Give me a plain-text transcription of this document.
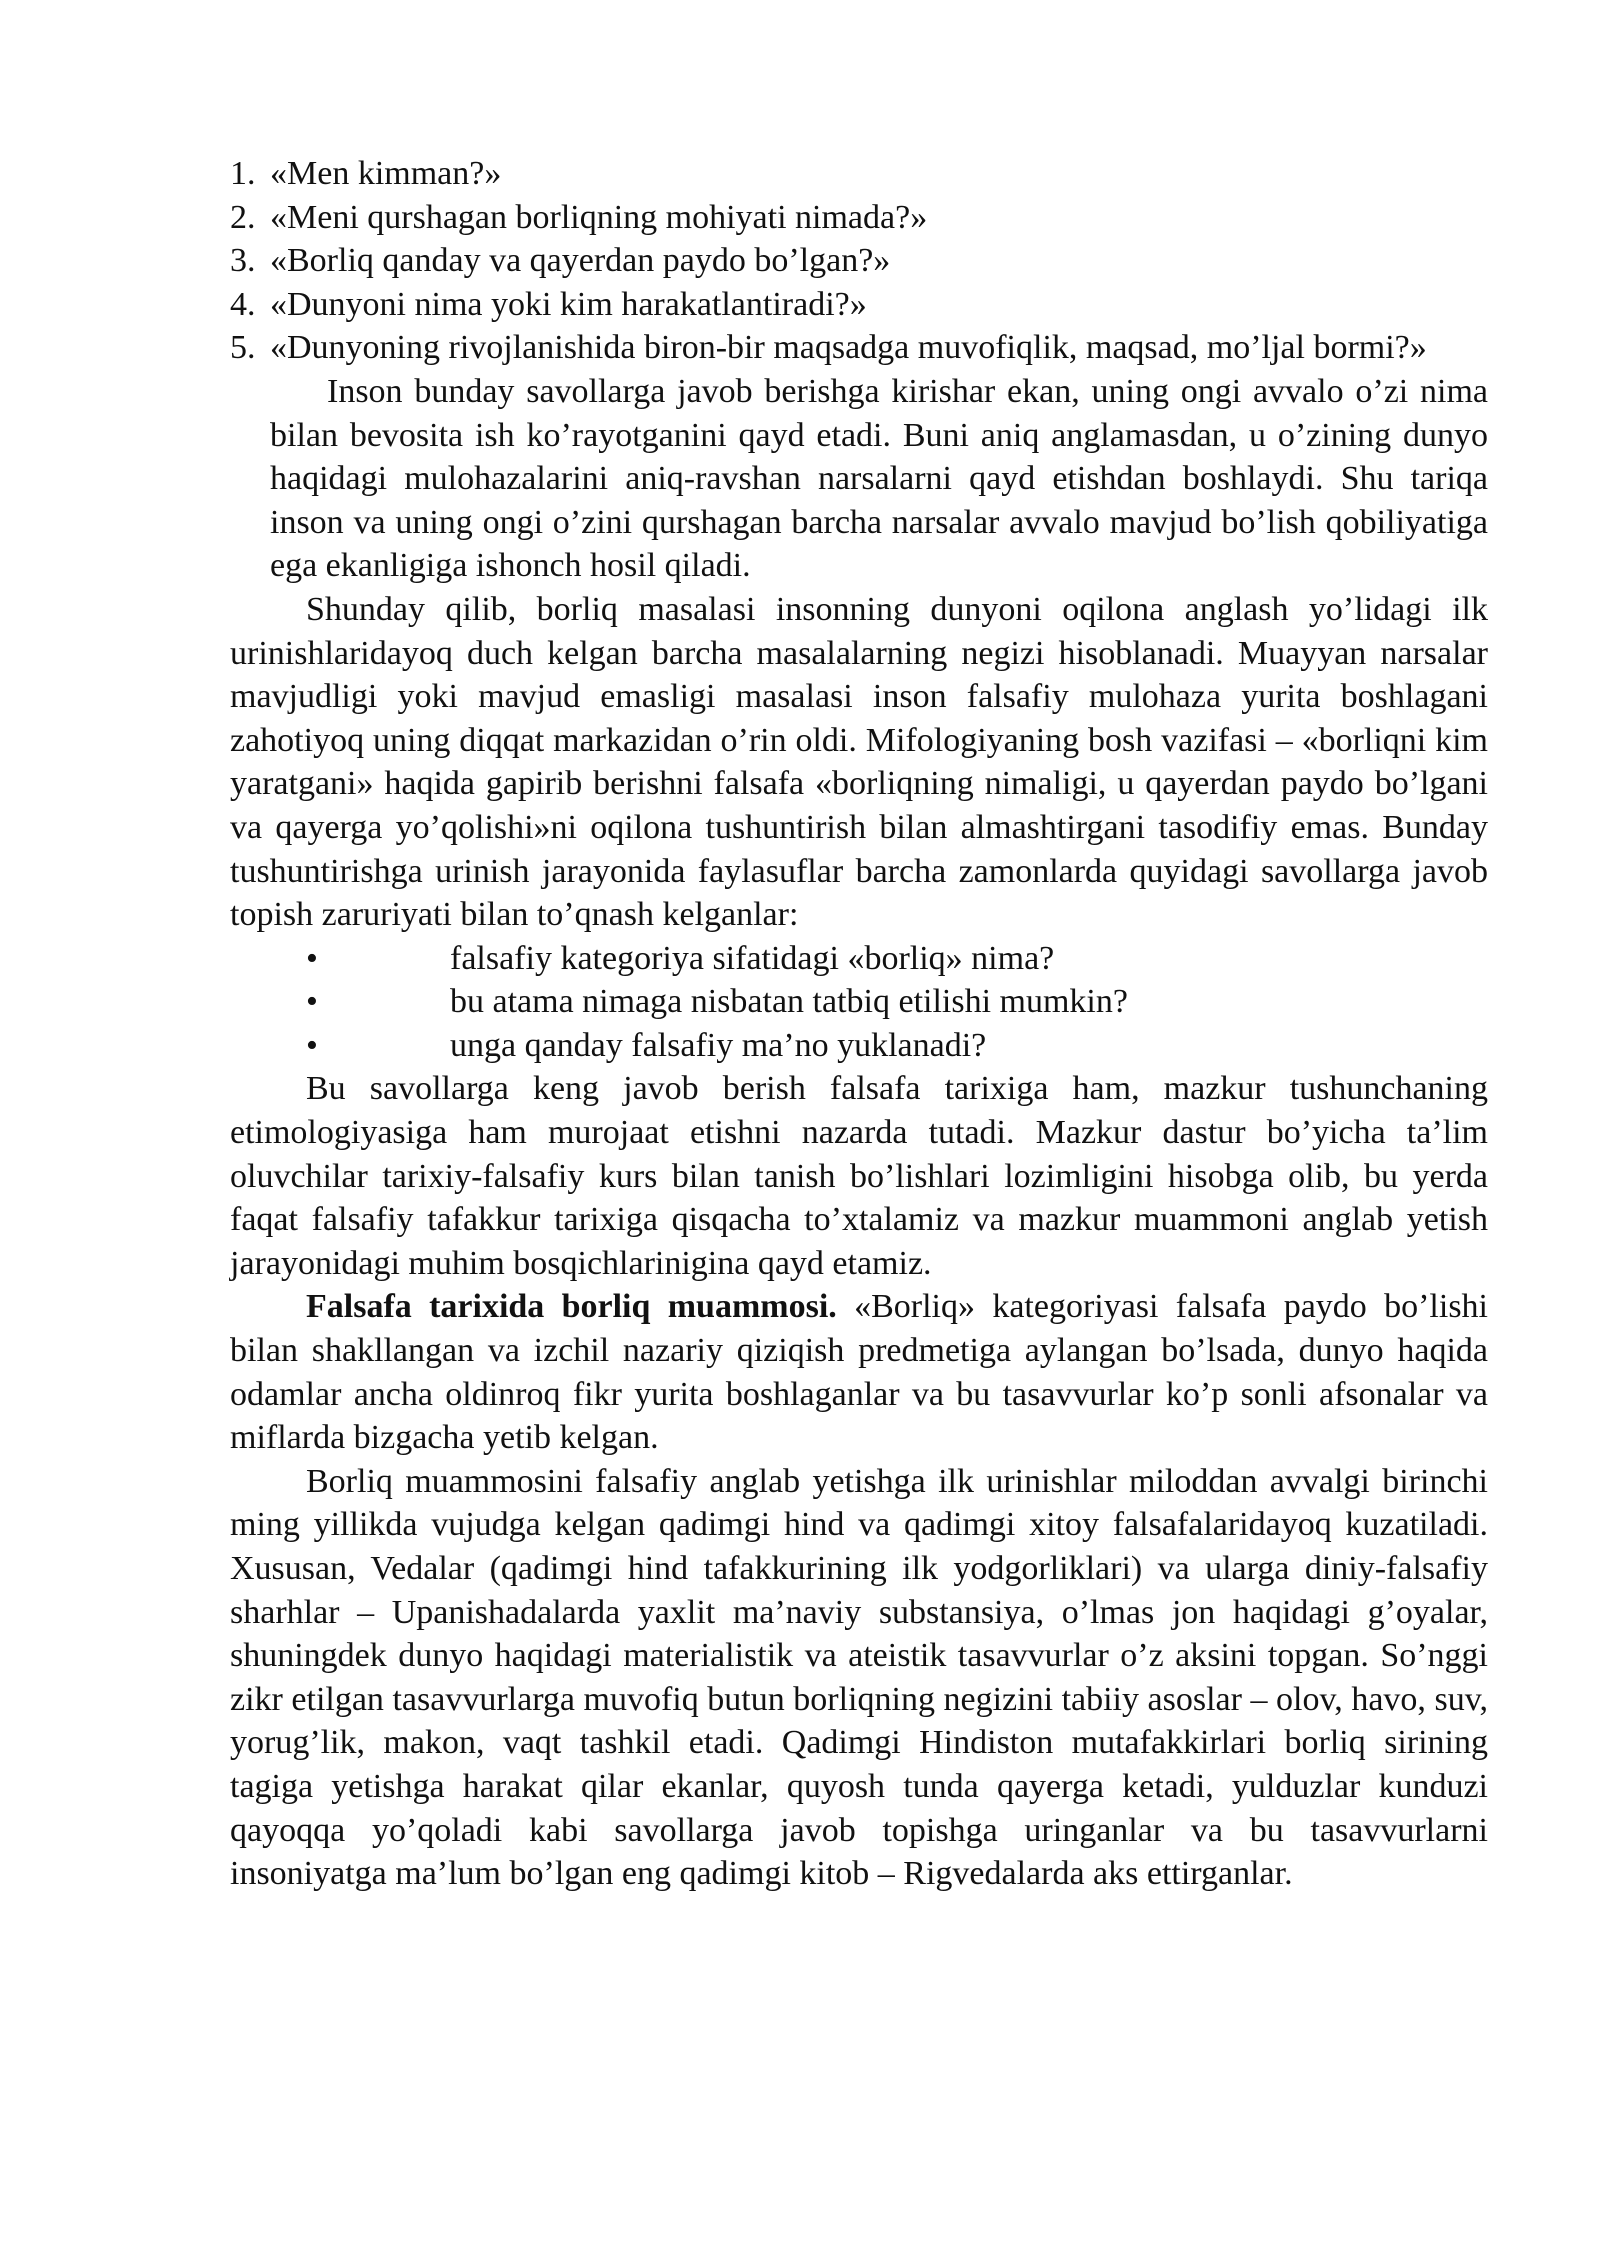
1. «Men kimman?»
2. «Meni qurshagan borliqning mohiyati nimada?»
3. «Borliq qanday va qayerdan paydo bo’lgan?»
4. «Dunyoni nima yoki kim harakatlantiradi?»
5. «Dunyoning rivojlanishida biron-bir maqsadga muvofiqlik, maqsad, mo’ljal bormi?»
Inson bunday savollarga javob berishga kirishar ekan, uning ongi avvalo o’zi nima bilan bevosita ish ko’rayotganini qayd etadi. Buni aniq anglamasdan, u o’zining dunyo haqidagi mulohazalarini aniq-ravshan narsalarni qayd etishdan boshlaydi. Shu tariqa inson va uning ongi o’zini qurshagan barcha narsalar avvalo mavjud bo’lish qobiliyatiga ega ekanligiga ishonch hosil qiladi.
Shunday qilib, borliq masalasi insonning dunyoni oqilona anglash yo’lidagi ilk urinishlaridayoq duch kelgan barcha masalalarning negizi hisoblanadi. Muayyan narsalar mavjudligi yoki mavjud emasligi masalasi inson falsafiy mulohaza yurita boshlagani zahotiyoq uning diqqat markazidan o’rin oldi. Mifologiyaning bosh vazifasi – «borliqni kim yaratgani» haqida gapirib berishni falsafa «borliqning nimaligi, u qayerdan paydo bo’lgani va qayerga yo’qolishi»ni oqilona tushuntirish bilan almashtirgani tasodifiy emas. Bunday tushuntirishga urinish jarayonida faylasuflar barcha zamonlarda quyidagi savollarga javob topish zaruriyati bilan to’qnash kelganlar:
•	falsafiy kategoriya sifatidagi «borliq» nima?
•	bu atama nimaga nisbatan tatbiq etilishi mumkin?
•	unga qanday falsafiy ma’no yuklanadi?
Bu savollarga keng javob berish falsafa tarixiga ham, mazkur tushunchaning etimologiyasiga ham murojaat etishni nazarda tutadi. Mazkur dastur bo’yicha ta’lim oluvchilar tarixiy-falsafiy kurs bilan tanish bo’lishlari lozimligini hisobga olib, bu yerda faqat falsafiy tafakkur tarixiga qisqacha to’xtalamiz va mazkur muammoni anglab yetish jarayonidagi muhim bosqichlarinigina qayd etamiz.
Falsafa tarixida borliq muammosi. «Borliq» kategoriyasi falsafa paydo bo’lishi bilan shakllangan va izchil nazariy qiziqish predmetiga aylangan bo’lsada, dunyo haqida odamlar ancha oldinroq fikr yurita boshlaganlar va bu tasavvurlar ko’p sonli afsonalar va miflarda bizgacha yetib kelgan.
Borliq muammosini falsafiy anglab yetishga ilk urinishlar miloddan avvalgi birinchi ming yillikda vujudga kelgan qadimgi hind va qadimgi xitoy falsafalaridayoq kuzatiladi. Xususan, Vedalar (qadimgi hind tafakkurining ilk yodgorliklari) va ularga diniy-falsafiy sharhlar – Upanishadalarda yaxlit ma’naviy substansiya, o’lmas jon haqidagi g’oyalar, shuningdek dunyo haqidagi materialistik va ateistik tasavvurlar o’z aksini topgan. So’nggi zikr etilgan tasavvurlarga muvofiq butun borliqning negizini tabiiy asoslar – olov, havo, suv, yorug’lik, makon, vaqt tashkil etadi. Qadimgi Hindiston mutafakkirlari borliq sirining tagiga yetishga harakat qilar ekanlar, quyosh tunda qayerga ketadi, yulduzlar kunduzi qayoqqa yo’qoladi kabi savollarga javob topishga uringanlar va bu tasavvurlarni insoniyatga ma’lum bo’lgan eng qadimgi kitob – Rigvedalarda aks ettirganlar.
